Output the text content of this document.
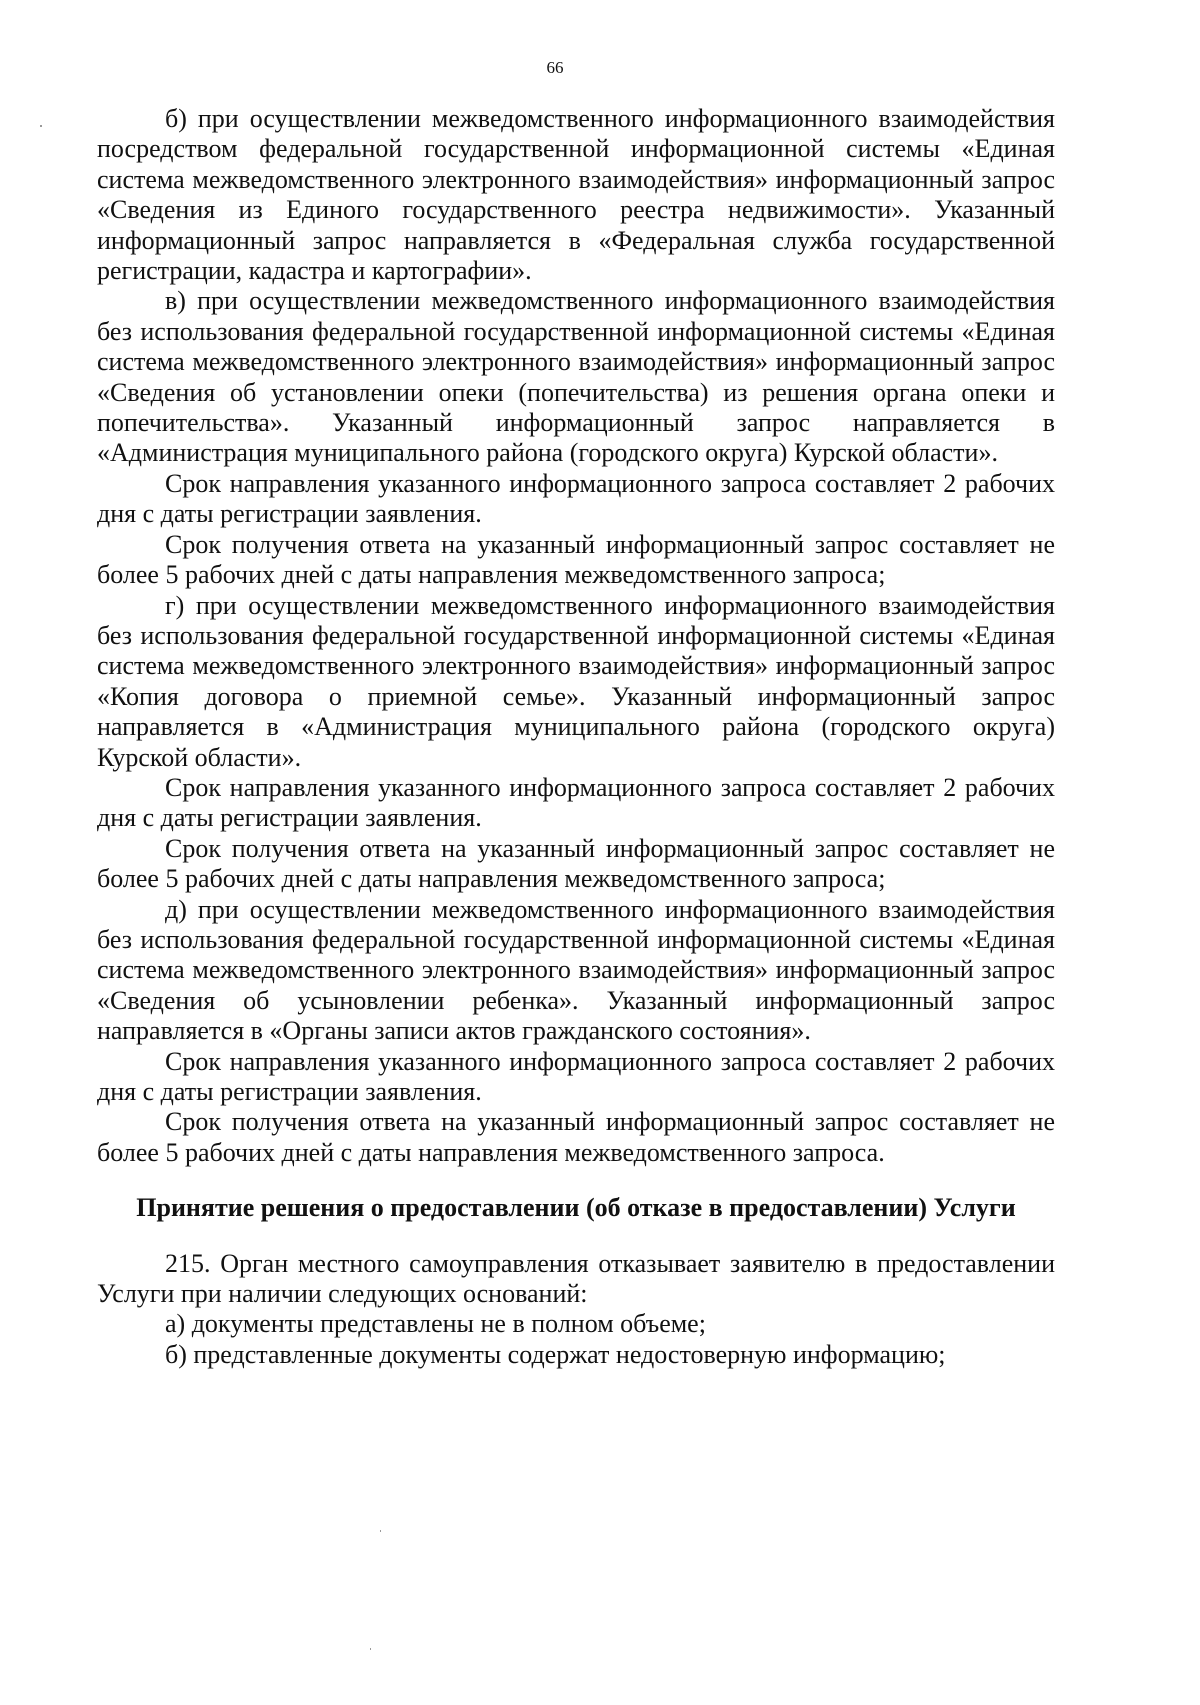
66

б) при осуществлении межведомственного информационного взаимодействия посредством федеральной государственной информационной системы «Единая система межведомственного электронного взаимодействия» информационный запрос «Сведения из Единого государственного реестра недвижимости». Указанный информационный запрос направляется в «Федеральная служба государственной регистрации, кадастра и картографии».

в) при осуществлении межведомственного информационного взаимодействия без использования федеральной государственной информационной системы «Единая система межведомственного электронного взаимодействия» информационный запрос «Сведения об установлении опеки (попечительства) из решения органа опеки и попечительства». Указанный информационный запрос направляется в «Администрация муниципального района (городского округа) Курской области».

Срок направления указанного информационного запроса составляет 2 рабочих дня с даты регистрации заявления.

Срок получения ответа на указанный информационный запрос составляет не более 5 рабочих дней с даты направления межведомственного запроса;

г) при осуществлении межведомственного информационного взаимодействия без использования федеральной государственной информационной системы «Единая система межведомственного электронного взаимодействия» информационный запрос «Копия договора о приемной семье». Указанный информационный запрос направляется в «Администрация муниципального района (городского округа) Курской области».

Срок направления указанного информационного запроса составляет 2 рабочих дня с даты регистрации заявления.

Срок получения ответа на указанный информационный запрос составляет не более 5 рабочих дней с даты направления межведомственного запроса;

д) при осуществлении межведомственного информационного взаимодействия без использования федеральной государственной информационной системы «Единая система межведомственного электронного взаимодействия» информационный запрос «Сведения об усыновлении ребенка». Указанный информационный запрос направляется в «Органы записи актов гражданского состояния».

Срок направления указанного информационного запроса составляет 2 рабочих дня с даты регистрации заявления.

Срок получения ответа на указанный информационный запрос составляет не более 5 рабочих дней с даты направления межведомственного запроса.

Принятие решения о предоставлении (об отказе в предоставлении) Услуги

215. Орган местного самоуправления отказывает заявителю в предоставлении Услуги при наличии следующих оснований:

а) документы представлены не в полном объеме;

б) представленные документы содержат недостоверную информацию;
